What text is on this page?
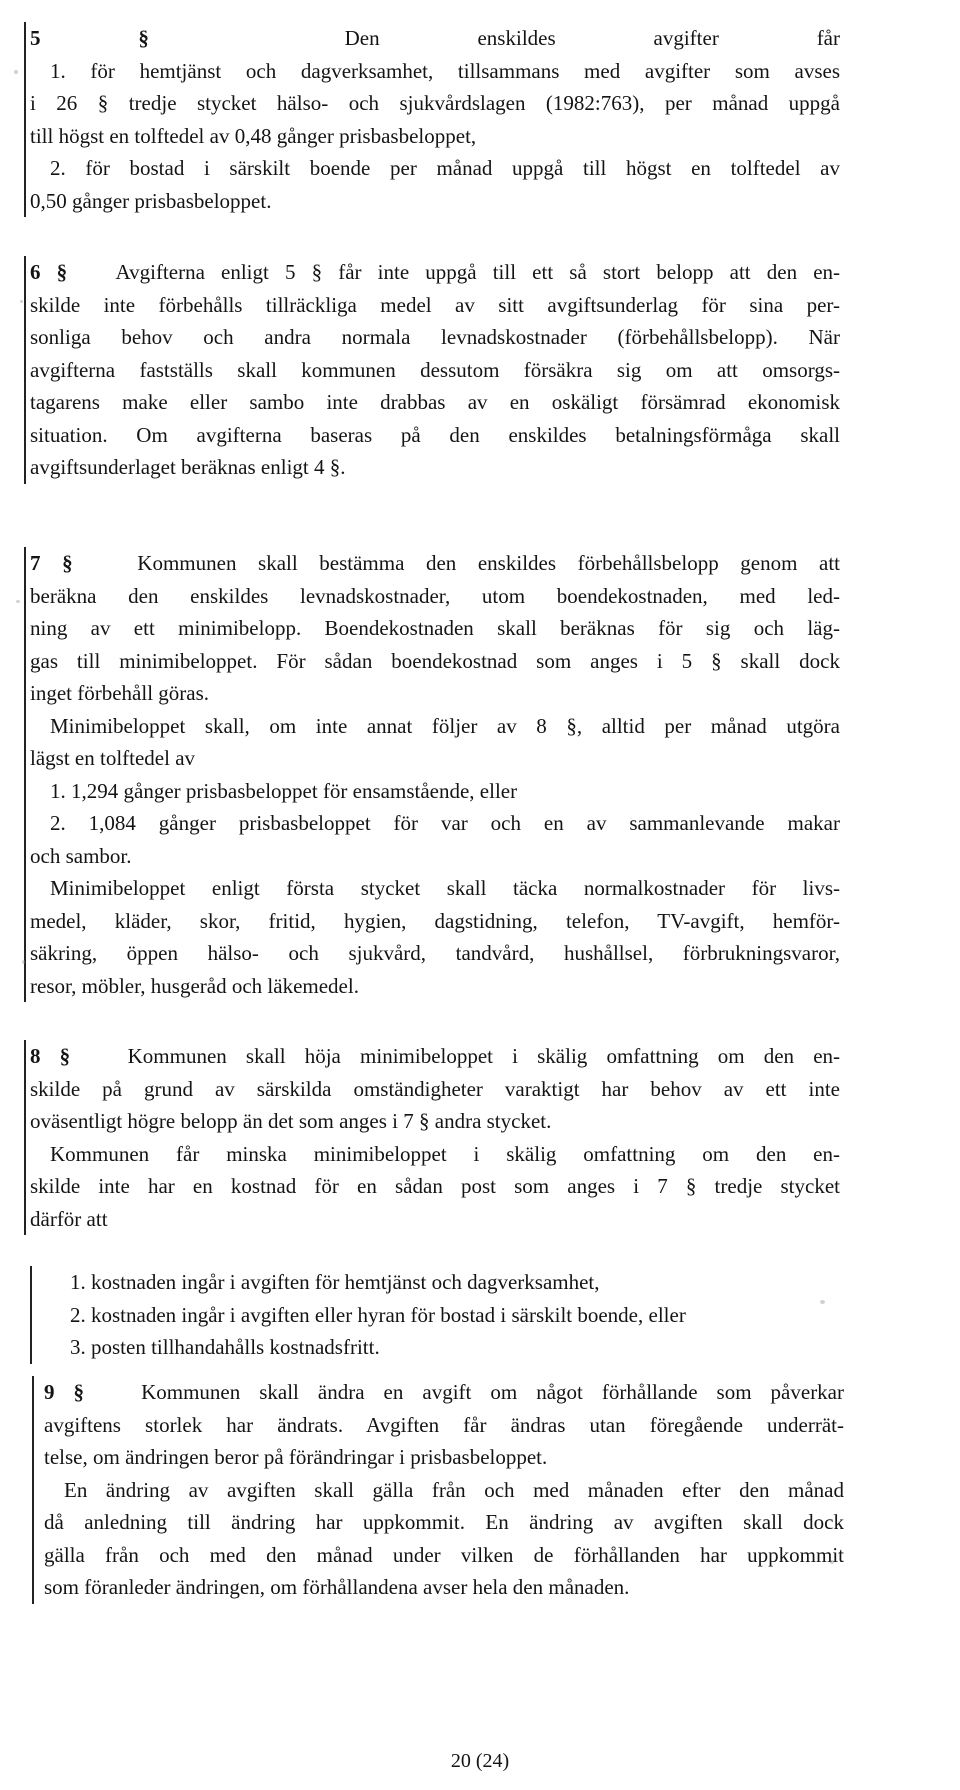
5 §	Den enskildes avgifter får
1. för hemtjänst och dagverksamhet, tillsammans med avgifter som avses
i 26 § tredje stycket hälso- och sjukvårdslagen (1982:763), per månad uppgå
till högst en tolftedel av 0,48 gånger prisbasbeloppet,
2. för bostad i särskilt boende per månad uppgå till högst en tolftedel av
0,50 gånger prisbasbeloppet.
6 § Avgifterna enligt 5 § får inte uppgå till ett så stort belopp att den en-
skilde inte förbehålls tillräckliga medel av sitt avgiftsunderlag för sina per-
sonliga behov och andra normala levnadskostnader (förbehållsbelopp). När
avgifterna fastställs skall kommunen dessutom försäkra sig om att omsorgs-
tagarens make eller sambo inte drabbas av en oskäligt försämrad ekonomisk
situation. Om avgifterna baseras på den enskildes betalningsförmåga skall
avgiftsunderlaget beräknas enligt 4 §.
7 §	Kommunen skall bestämma den enskildes förbehållsbelopp genom att
beräkna den enskildes levnadskostnader, utom boendekostnaden, med led-
ning av ett minimibelopp. Boendekostnaden skall beräknas för sig och läg-
gas till minimibeloppet. För sådan boendekostnad som anges i 5 § skall dock
inget förbehåll göras.
Minimibeloppet skall, om inte annat följer av 8 §, alltid per månad utgöra
lägst en tolftedel av
1. 1,294 gånger prisbasbeloppet för ensamstående, eller
2. 1,084 gånger prisbasbeloppet för var och en av sammanlevande makar
och sambor.
Minimibeloppet enligt första stycket skall täcka normalkostnader för livs-
medel, kläder, skor, fritid, hygien, dagstidning, telefon, TV-avgift, hemför-
säkring, öppen hälso- och sjukvård, tandvård, hushållsel, förbrukningsvaror,
resor, möbler, husgeråd och läkemedel.
8 §	Kommunen skall höja minimibeloppet i skälig omfattning om den en-
skilde på grund av särskilda omständigheter varaktigt har behov av ett inte
oväsentligt högre belopp än det som anges i 7 § andra stycket.
Kommunen får minska minimibeloppet i skälig omfattning om den en-
skilde inte har en kostnad för en sådan post som anges i 7 § tredje stycket
därför att
1. kostnaden ingår i avgiften för hemtjänst och dagverksamhet,
2. kostnaden ingår i avgiften eller hyran för bostad i särskilt boende, eller
3. posten tillhandahålls kostnadsfritt.
9 §	Kommunen skall ändra en avgift om något förhållande som påverkar
avgiftens storlek har ändrats. Avgiften får ändras utan föregående underrät-
telse, om ändringen beror på förändringar i prisbasbeloppet.
En ändring av avgiften skall gälla från och med månaden efter den månad
då anledning till ändring har uppkommit. En ändring av avgiften skall dock
gälla från och med den månad under vilken de förhållanden har uppkommit
som föranleder ändringen, om förhållandena avser hela den månaden.
20 (24)
